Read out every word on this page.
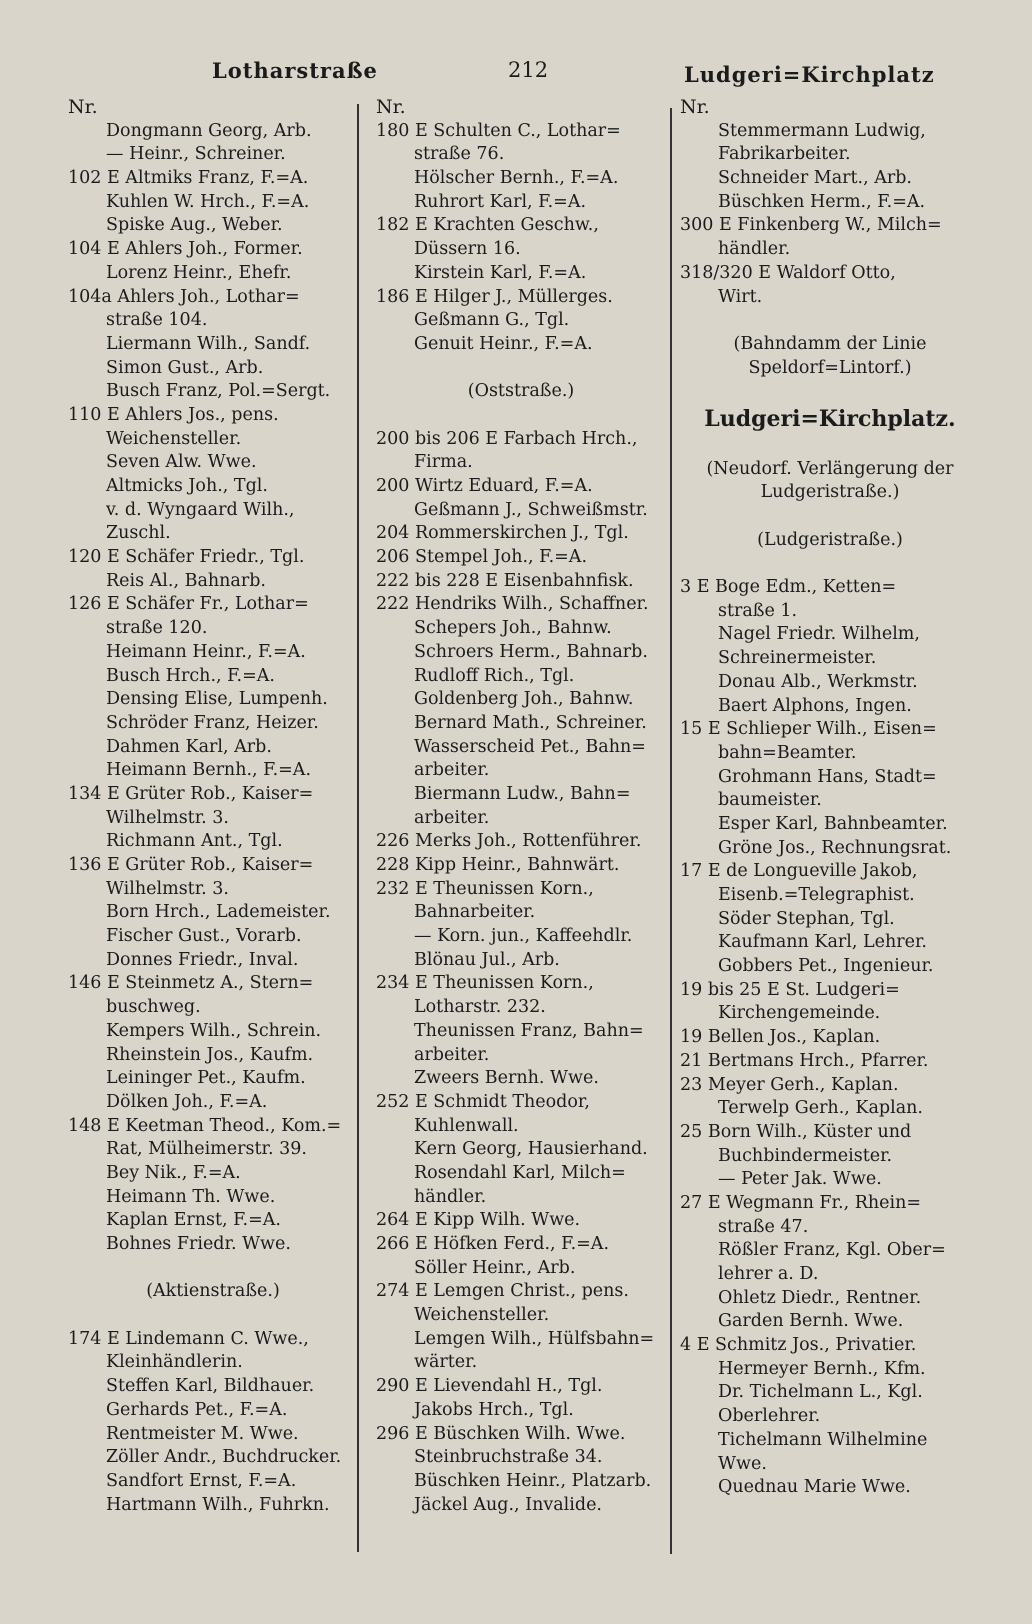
Lotharstraße	212	Ludgeri=Kirchplatz
Nr.
Dongmann Georg, Arb.
— Heinr., Schreiner.
102 E Altmiks Franz, F.=A.
Kuhlen W. Hrch., F.=A.
Spiske Aug., Weber.
104 E Ahlers Joh., Former.
Lorenz Heinr., Ehefr.
104a Ahlers Joh., Lothar=
straße 104.
Liermann Wilh., Sandf.
Simon Gust., Arb.
Busch Franz, Pol.=Sergt.
110 E Ahlers Jos., pens.
Weichensteller.
Seven Alw. Wwe.
Altmicks Joh., Tgl.
v. d. Wyngaard Wilh.,
Zuschl.
120 E Schäfer Friedr., Tgl.
Reis Al., Bahnarb.
126 E Schäfer Fr., Lothar=
straße 120.
Heimann Heinr., F.=A.
Busch Hrch., F.=A.
Densing Elise, Lumpenh.
Schröder Franz, Heizer.
Dahmen Karl, Arb.
Heimann Bernh., F.=A.
134 E Grüter Rob., Kaiser=
Wilhelmstr. 3.
Richmann Ant., Tgl.
136 E Grüter Rob., Kaiser=
Wilhelmstr. 3.
Born Hrch., Lademeister.
Fischer Gust., Vorarb.
Donnes Friedr., Inval.
146 E Steinmetz A., Stern=
buschweg.
Kempers Wilh., Schrein.
Rheinstein Jos., Kaufm.
Leininger Pet., Kaufm.
Dölken Joh., F.=A.
148 E Keetman Theod., Kom.=
Rat, Mülheimerstr. 39.
Bey Nik., F.=A.
Heimann Th. Wwe.
Kaplan Ernst, F.=A.
Bohnes Friedr. Wwe.
(Aktienstraße.)
174 E Lindemann C. Wwe.,
Kleinhändlerin.
Steffen Karl, Bildhauer.
Gerhards Pet., F.=A.
Rentmeister M. Wwe.
Zöller Andr., Buchdrucker.
Sandfort Ernst, F.=A.
Hartmann Wilh., Fuhrkn.
Nr.
180 E Schulten C., Lothar=
straße 76.
Hölscher Bernh., F.=A.
Ruhrort Karl, F.=A.
182 E Krachten Geschw.,
Düssern 16.
Kirstein Karl, F.=A.
186 E Hilger J., Müllerges.
Geßmann G., Tgl.
Genuit Heinr., F.=A.
(Oststraße.)
200 bis 206 E Farbach Hrch.,
Firma.
200 Wirtz Eduard, F.=A.
Geßmann J., Schweißmstr.
204 Rommerskirchen J., Tgl.
206 Stempel Joh., F.=A.
222 bis 228 E Eisenbahnfisk.
222 Hendriks Wilh., Schaffner.
Schepers Joh., Bahnw.
Schroers Herm., Bahnarb.
Rudloff Rich., Tgl.
Goldenberg Joh., Bahnw.
Bernard Math., Schreiner.
Wasserscheid Pet., Bahn=
arbeiter.
Biermann Ludw., Bahn=
arbeiter.
226 Merks Joh., Rottenführer.
228 Kipp Heinr., Bahnwärt.
232 E Theunissen Korn.,
Bahnarbeiter.
— Korn. jun., Kaffeehdlr.
Blönau Jul., Arb.
234 E Theunissen Korn.,
Lotharstr. 232.
Theunissen Franz, Bahn=
arbeiter.
Zweers Bernh. Wwe.
252 E Schmidt Theodor,
Kuhlenwall.
Kern Georg, Hausierhand.
Rosendahl Karl, Milch=
händler.
264 E Kipp Wilh. Wwe.
266 E Höfken Ferd., F.=A.
Söller Heinr., Arb.
274 E Lemgen Christ., pens.
Weichensteller.
Lemgen Wilh., Hülfsbahn=
wärter.
290 E Lievendahl H., Tgl.
Jakobs Hrch., Tgl.
296 E Büschken Wilh. Wwe.
Steinbruchstraße 34.
Büschken Heinr., Platzarb.
Jäckel Aug., Invalide.
Nr.
Stemmermann Ludwig,
Fabrikarbeiter.
Schneider Mart., Arb.
Büschken Herm., F.=A.
300 E Finkenberg W., Milch=
händler.
318/320 E Waldorf Otto,
Wirt.
(Bahndamm der Linie
Speldorf=Lintorf.)
Ludgeri=Kirchplatz.
(Neudorf. Verlängerung der
Ludgeristraße.)
(Ludgeristraße.)
3 E Boge Edm., Ketten=
straße 1.
Nagel Friedr. Wilhelm,
Schreinermeister.
Donau Alb., Werkmstr.
Baert Alphons, Ingen.
15 E Schlieper Wilh., Eisen=
bahn=Beamter.
Grohmann Hans, Stadt=
baumeister.
Esper Karl, Bahnbeamter.
Gröne Jos., Rechnungsrat.
17 E de Longueville Jakob,
Eisenb.=Telegraphist.
Söder Stephan, Tgl.
Kaufmann Karl, Lehrer.
Gobbers Pet., Ingenieur.
19 bis 25 E St. Ludgeri=
Kirchengemeinde.
19 Bellen Jos., Kaplan.
21 Bertmans Hrch., Pfarrer.
23 Meyer Gerh., Kaplan.
Terwelp Gerh., Kaplan.
25 Born Wilh., Küster und
Buchbindermeister.
— Peter Jak. Wwe.
27 E Wegmann Fr., Rhein=
straße 47.
Rößler Franz, Kgl. Ober=
lehrer a. D.
Ohletz Diedr., Rentner.
Garden Bernh. Wwe.
4 E Schmitz Jos., Privatier.
Hermeyer Bernh., Kfm.
Dr. Tichelmann L., Kgl.
Oberlehrer.
Tichelmann Wilhelmine
Wwe.
Quednau Marie Wwe.
